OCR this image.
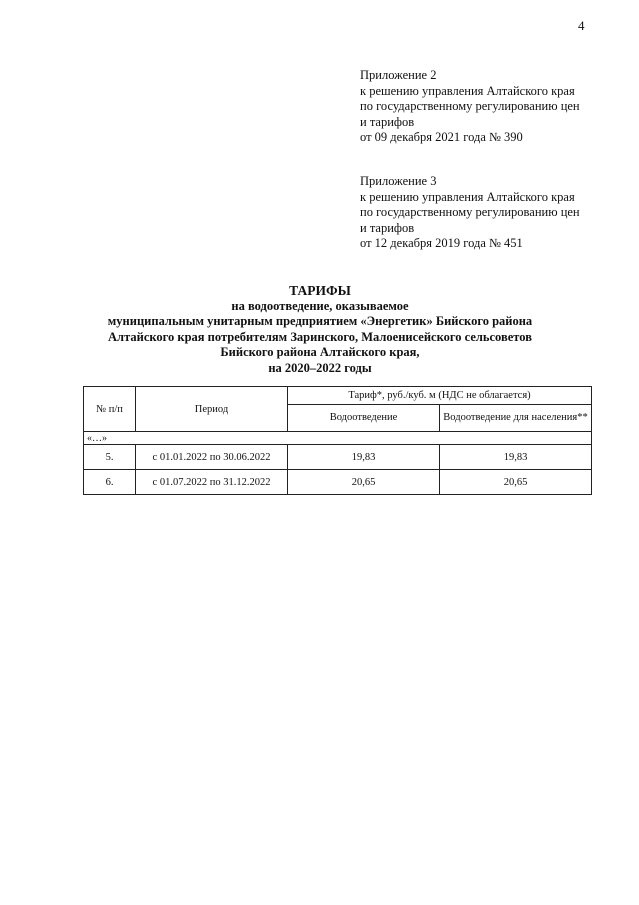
4
Приложение 2
к решению управления Алтайского края
по государственному регулированию цен
и тарифов
от 09 декабря 2021 года № 390
Приложение 3
к решению управления Алтайского края
по государственному регулированию цен
и тарифов
от 12 декабря 2019 года № 451
ТАРИФЫ
на водоотведение, оказываемое
муниципальным унитарным предприятием «Энергетик» Бийского района
Алтайского края потребителям Заринского, Малоенисейского сельсоветов
Бийского района Алтайского края,
на 2020–2022 годы
№ п/п	Период	Тариф*, руб./куб. м (НДС не облагается)	
		Водоотведение	Водоотведение для населения**
«…»			
5.	с 01.01.2022 по 30.06.2022	19,83	19,83
6.	с 01.07.2022 по 31.12.2022	20,65	20,65
